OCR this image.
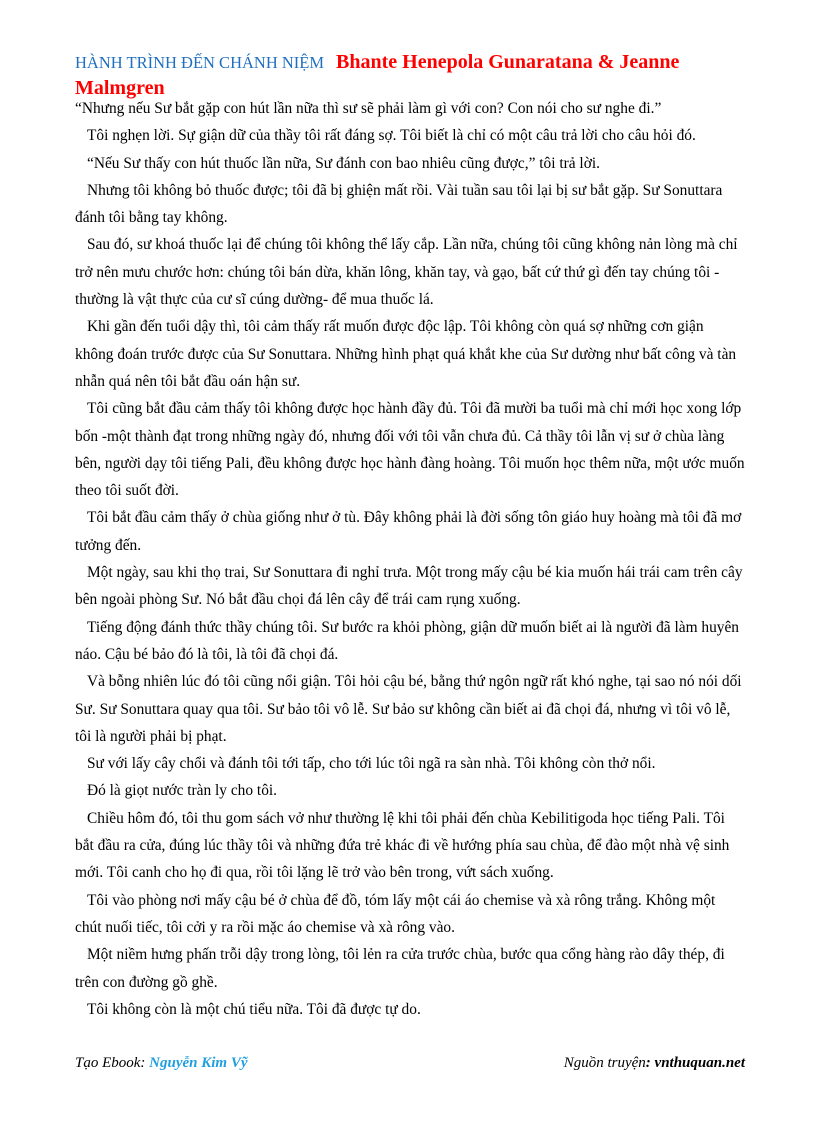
HÀNH TRÌNH ĐẾN CHÁNH NIỆM Bhante Henepola Gunaratana & Jeanne Malmgren

“Nhưng nếu Sư bắt gặp con hút lần nữa thì sư sẽ phải làm gì với con? Con nói cho sư nghe đi.”

Tôi nghẹn lời. Sự giận dữ của thầy tôi rất đáng sợ. Tôi biết là chỉ có một câu trả lời cho câu hỏi đó.

“Nếu Sư thấy con hút thuốc lần nữa, Sư đánh con bao nhiêu cũng được,” tôi trả lời.

Nhưng tôi không bỏ thuốc được; tôi đã bị ghiện mất rồi. Vài tuần sau tôi lại bị sư bắt gặp. Sư Sonuttara đánh tôi bằng tay không.

Sau đó, sư khoá thuốc lại để chúng tôi không thể lấy cắp. Lần nữa, chúng tôi cũng không nản lòng mà chỉ trở nên mưu chước hơn: chúng tôi bán dừa, khăn lông, khăn tay, và gạo, bất cứ thứ gì đến tay chúng tôi -thường là vật thực của cư sĩ cúng dường- để mua thuốc lá.

Khi gần đến tuổi dậy thì, tôi cảm thấy rất muốn được độc lập. Tôi không còn quá sợ những cơn giận không đoán trước được của Sư Sonuttara. Những hình phạt quá khắt khe của Sư dường như bất công và tàn nhẫn quá nên tôi bắt đầu oán hận sư.

Tôi cũng bắt đầu cảm thấy tôi không được học hành đầy đủ. Tôi đã mười ba tuổi mà chỉ mới học xong lớp bốn -một thành đạt trong những ngày đó, nhưng đối với tôi vẫn chưa đủ. Cả thầy tôi lẫn vị sư ở chùa làng bên, người dạy tôi tiếng Pali, đều không được học hành đàng hoàng. Tôi muốn học thêm nữa, một ước muốn theo tôi suốt đời.

Tôi bắt đầu cảm thấy ở chùa giống như ở tù. Đây không phải là đời sống tôn giáo huy hoàng mà tôi đã mơ tưởng đến.

Một ngày, sau khi thọ trai, Sư Sonuttara đi nghỉ trưa. Một trong mấy cậu bé kia muốn hái trái cam trên cây bên ngoài phòng Sư. Nó bắt đầu chọi đá lên cây để trái cam rụng xuống.

Tiếng động đánh thức thầy chúng tôi. Sư bước ra khỏi phòng, giận dữ muốn biết ai là người đã làm huyên náo. Cậu bé bảo đó là tôi, là tôi đã chọi đá.

Và bỗng nhiên lúc đó tôi cũng nổi giận. Tôi hỏi cậu bé, bằng thứ ngôn ngữ rất khó nghe, tại sao nó nói dối Sư. Sư Sonuttara quay qua tôi. Sư bảo tôi vô lễ. Sư bảo sư không cần biết ai đã chọi đá, nhưng vì tôi vô lễ, tôi là người phải bị phạt.

Sư với lấy cây chổi và đánh tôi tới tấp, cho tới lúc tôi ngã ra sàn nhà. Tôi không còn thở nổi.

Đó là giọt nước tràn ly cho tôi.

Chiều hôm đó, tôi thu gom sách vở như thường lệ khi tôi phải đến chùa Kebilitigoda học tiếng Pali. Tôi bắt đầu ra cửa, đúng lúc thầy tôi và những đứa trẻ khác đi về hướng phía sau chùa, để đào một nhà vệ sinh mới. Tôi canh cho họ đi qua, rồi tôi lặng lẽ trở vào bên trong, vứt sách xuống.

Tôi vào phòng nơi mấy cậu bé ở chùa để đồ, tóm lấy một cái áo chemise và xà rông trắng. Không một chút nuối tiếc, tôi cởi y ra rồi mặc áo chemise và xà rông vào.

Một niềm hưng phấn trỗi dậy trong lòng, tôi lẻn ra cửa trước chùa, bước qua cổng hàng rào dây thép, đi trên con đường gồ ghề.

Tôi không còn là một chú tiểu nữa. Tôi đã được tự do.

Tạo Ebook: Nguyễn Kim Vỹ	Nguồn truyện: vnthuquan.net
